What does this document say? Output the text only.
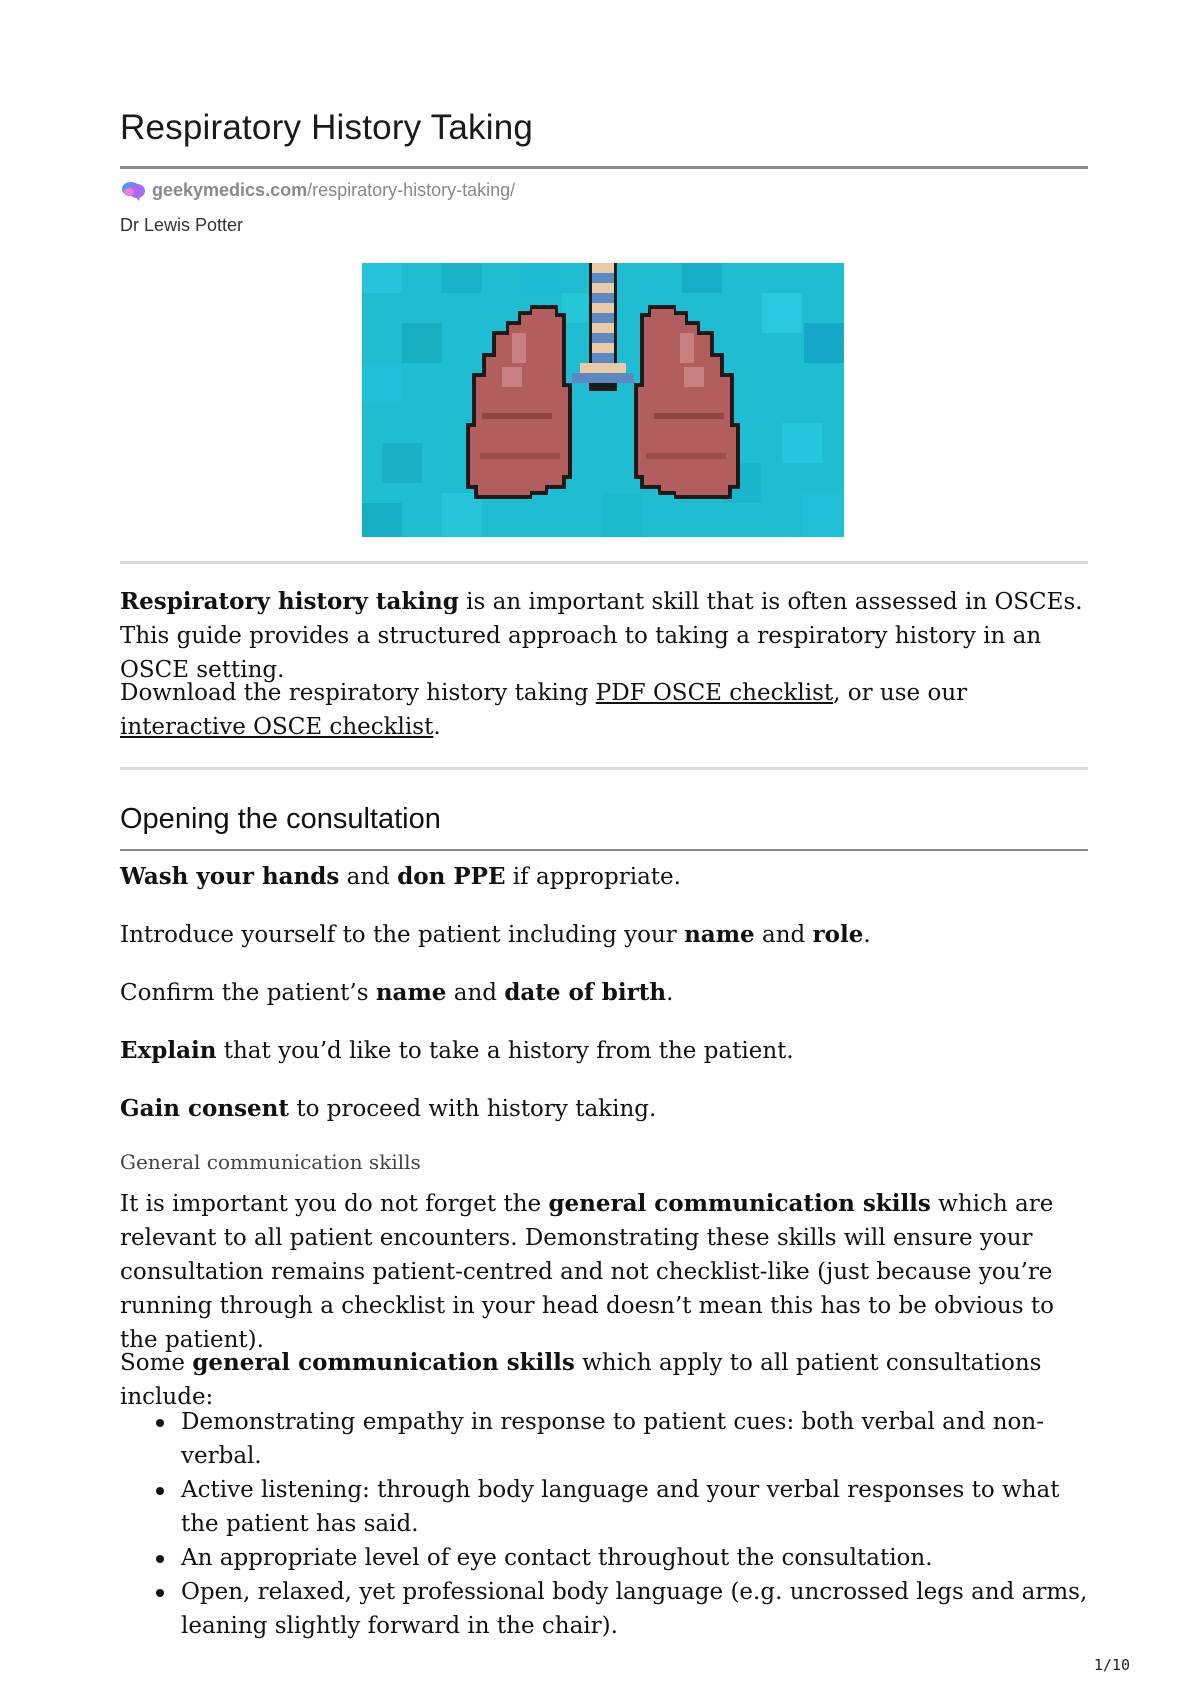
Respiratory History Taking
geekymedics.com /respiratory-history-taking/
Dr Lewis Potter

Respiratory history taking is an important skill that is often assessed in OSCEs. This guide provides a structured approach to taking a respiratory history in an OSCE setting.

Download the respiratory history taking PDF OSCE checklist, or use our interactive OSCE checklist.

Opening the consultation

Wash your hands and don PPE if appropriate.

Introduce yourself to the patient including your name and role.

Confirm the patient’s name and date of birth.

Explain that you’d like to take a history from the patient.

Gain consent to proceed with history taking.

General communication skills

It is important you do not forget the general communication skills which are relevant to all patient encounters. Demonstrating these skills will ensure your consultation remains patient-centred and not checklist-like (just because you’re running through a checklist in your head doesn’t mean this has to be obvious to the patient).

Some general communication skills which apply to all patient consultations include:

Demonstrating empathy in response to patient cues: both verbal and non-verbal.
Active listening: through body language and your verbal responses to what the patient has said.
An appropriate level of eye contact throughout the consultation.
Open, relaxed, yet professional body language (e.g. uncrossed legs and arms, leaning slightly forward in the chair).
1/10
